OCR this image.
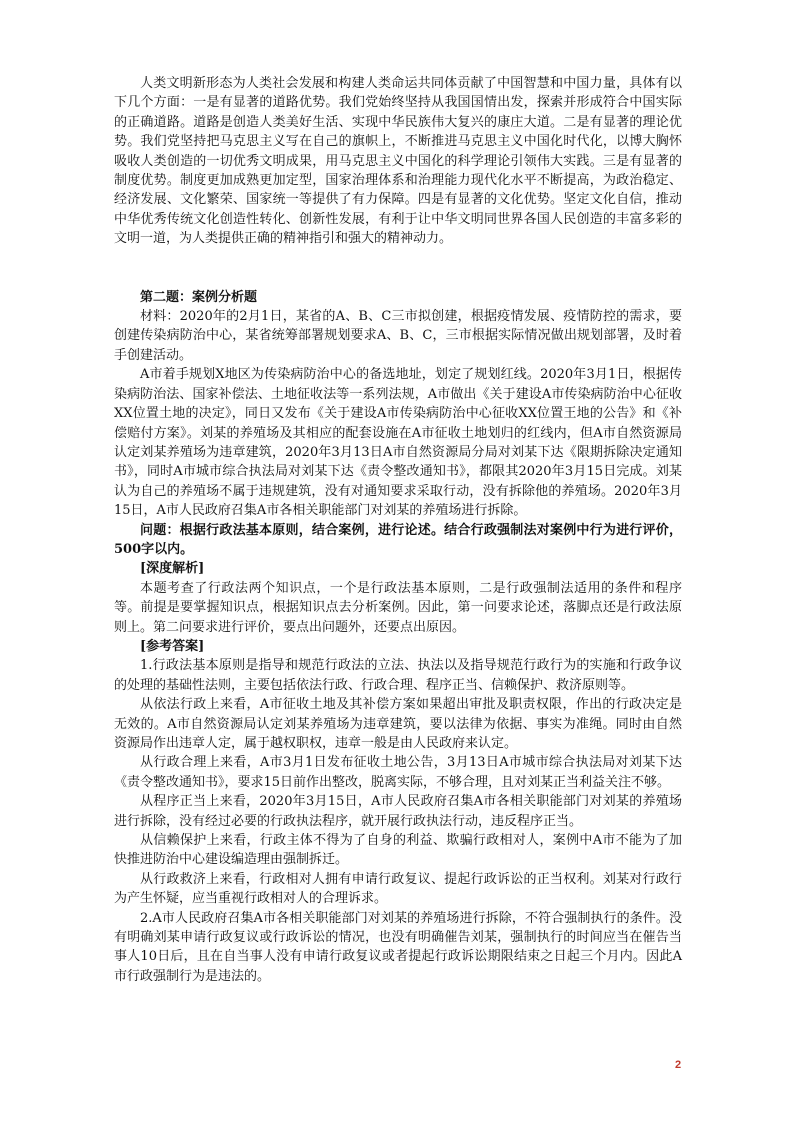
人类文明新形态为人类社会发展和构建人类命运共同体贡献了中国智慧和中国力量，具体有以下几个方面：一是有显著的道路优势。我们党始终坚持从我国国情出发，探索并形成符合中国实际的正确道路。道路是创造人类美好生活、实现中华民族伟大复兴的康庄大道。二是有显著的理论优势。我们党坚持把马克思主义写在自己的旗帜上，不断推进马克思主义中国化时代化，以博大胸怀吸收人类创造的一切优秀文明成果，用马克思主义中国化的科学理论引领伟大实践。三是有显著的制度优势。制度更加成熟更加定型，国家治理体系和治理能力现代化水平不断提高，为政治稳定、经济发展、文化繁荣、国家统一等提供了有力保障。四是有显著的文化优势。坚定文化自信，推动中华优秀传统文化创造性转化、创新性发展，有利于让中华文明同世界各国人民创造的丰富多彩的文明一道，为人类提供正确的精神指引和强大的精神动力。

第二题：案例分析题

材料：2020年的2月1日，某省的A、B、C三市拟创建，根据疫情发展、疫情防控的需求，要创建传染病防治中心，某省统筹部署规划要求A、B、C，三市根据实际情况做出规划部署，及时着手创建活动。

A市着手规划X地区为传染病防治中心的备选地址，划定了规划红线。2020年3月1日，根据传染病防治法、国家补偿法、土地征收法等一系列法规，A市做出《关于建设A市传染病防治中心征收XX位置土地的决定》，同日又发布《关于建设A市传染病防治中心征收XX位置王地的公告》和《补偿赔付方案》。刘某的养殖场及其相应的配套设施在A市征收土地划归的红线内，但A市自然资源局认定刘某养殖场为违章建筑，2020年3月13日A市自然资源局分局对刘某下达《限期拆除决定通知书》，同时A市城市综合执法局对刘某下达《责令整改通知书》，都限其2020年3月15日完成。刘某认为自己的养殖场不属于违规建筑，没有对通知要求采取行动，没有拆除他的养殖场。2020年3月15日，A市人民政府召集A市各相关职能部门对刘某的养殖场进行拆除。

问题：根据行政法基本原则，结合案例，进行论述。结合行政强制法对案例中行为进行评价，500字以内。

[深度解析]

本题考查了行政法两个知识点，一个是行政法基本原则，二是行政强制法适用的条件和程序等。前提是要掌握知识点，根据知识点去分析案例。因此，第一问要求论述，落脚点还是行政法原则上。第二问要求进行评价，要点出问题外，还要点出原因。

[参考答案]

1.行政法基本原则是指导和规范行政法的立法、执法以及指导规范行政行为的实施和行政争议的处理的基础性法则，主要包括依法行政、行政合理、程序正当、信赖保护、救济原则等。

从依法行政上来看，A市征收土地及其补偿方案如果超出审批及职责权限，作出的行政决定是无效的。A市自然资源局认定刘某养殖场为违章建筑，要以法律为依据、事实为准绳。同时由自然资源局作出违章人定，属于越权职权，违章一般是由人民政府来认定。

从行政合理上来看，A市3月1日发布征收土地公告，3月13日A市城市综合执法局对刘某下达《责令整改通知书》，要求15日前作出整改，脱离实际，不够合理，且对刘某正当利益关注不够。

从程序正当上来看，2020年3月15日，A市人民政府召集A市各相关职能部门对刘某的养殖场进行拆除，没有经过必要的行政执法程序，就开展行政执法行动，违反程序正当。

从信赖保护上来看，行政主体不得为了自身的利益、欺骗行政相对人，案例中A市不能为了加快推进防治中心建设编造理由强制拆迁。

从行政救济上来看，行政相对人拥有申请行政复议、提起行政诉讼的正当权利。刘某对行政行为产生怀疑，应当重视行政相对人的合理诉求。

2.A市人民政府召集A市各相关职能部门对刘某的养殖场进行拆除，不符合强制执行的条件。没有明确刘某申请行政复议或行政诉讼的情况，也没有明确催告刘某，强制执行的时间应当在催告当事人10日后，且在自当事人没有申请行政复议或者提起行政诉讼期限结束之日起三个月内。因此A市行政强制行为是违法的。

2
